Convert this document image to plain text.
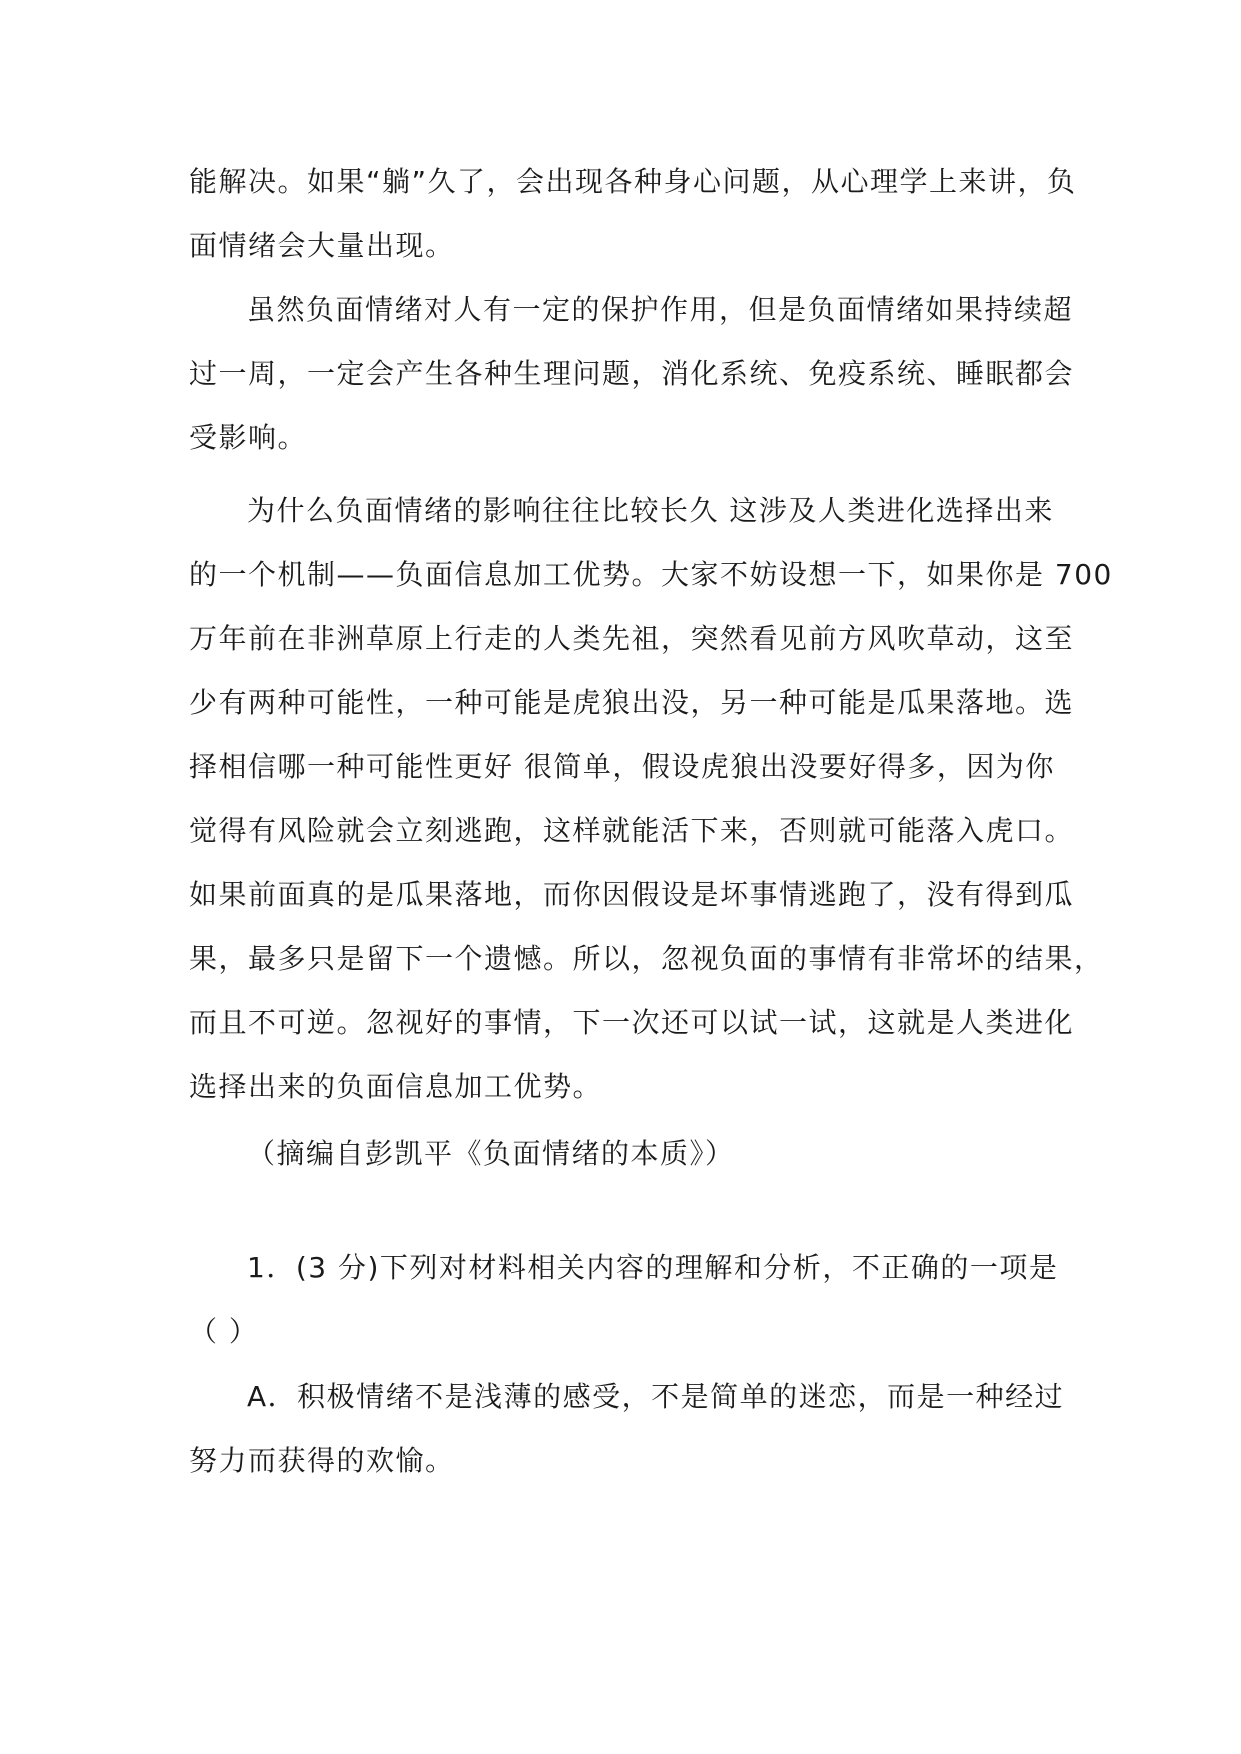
能解决。如果“躺”久了，会出现各种身心问题，从心理学上来讲，负
面情绪会大量出现。
虽然负面情绪对人有一定的保护作用，但是负面情绪如果持续超
过一周，一定会产生各种生理问题，消化系统、免疫系统、睡眠都会
受影响。
为什么负面情绪的影响往往比较长久 这涉及人类进化选择出来
的一个机制——负面信息加工优势。大家不妨设想一下，如果你是 700
万年前在非洲草原上行走的人类先祖，突然看见前方风吹草动，这至
少有两种可能性，一种可能是虎狼出没，另一种可能是瓜果落地。选
择相信哪一种可能性更好 很简单，假设虎狼出没要好得多，因为你
觉得有风险就会立刻逃跑，这样就能活下来，否则就可能落入虎口。
如果前面真的是瓜果落地，而你因假设是坏事情逃跑了，没有得到瓜
果，最多只是留下一个遗憾。所以，忽视负面的事情有非常坏的结果，
而且不可逆。忽视好的事情，下一次还可以试一试，这就是人类进化
选择出来的负面信息加工优势。
（摘编自彭凯平《负面情绪的本质》）
1．(3 分)下列对材料相关内容的理解和分析，不正确的一项是
（ ）
A．积极情绪不是浅薄的感受，不是简单的迷恋，而是一种经过
努力而获得的欢愉。
